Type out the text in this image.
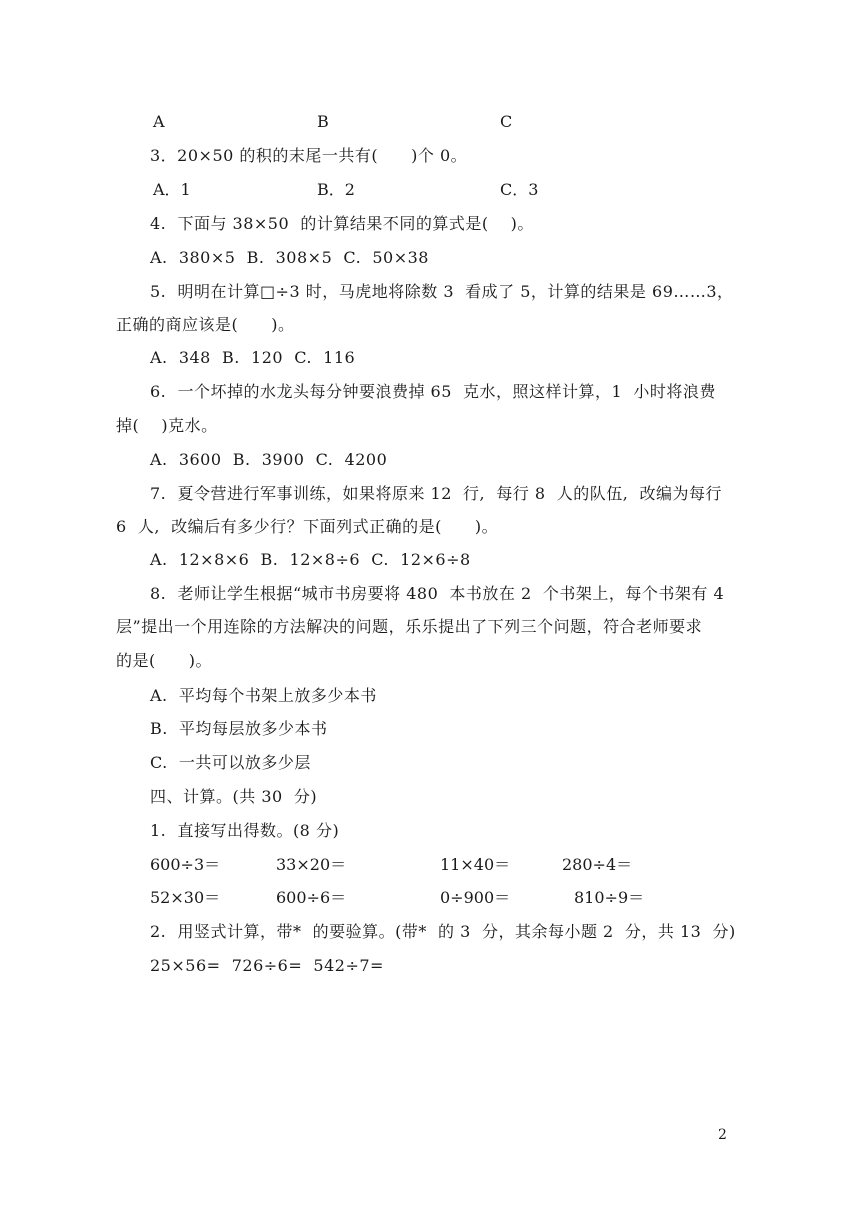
A	B	C
3．20×50 的积的末尾一共有(　　)个 0。
A．1	B．2	C．3
4.  下面与 38×50  的计算结果不同的算式是(　 )。
A.  380×5  B.  308×5  C.  50×38
5.  明明在计算□÷3 时，马虎地将除数 3  看成了 5，计算的结果是 69……3，
正确的商应该是(　　)。
A.  348  B.  120  C.  116
6.  一个坏掉的水龙头每分钟要浪费掉 65  克水，照这样计算，1  小时将浪费
掉(　 )克水。
A.  3600  B.  3900  C.  4200
7.  夏令营进行军事训练，如果将原来 12  行,  每行 8  人的队伍,  改编为每行
6  人,  改编后有多少行？下面列式正确的是(　　)。
A.  12×8×6  B.  12×8÷6  C.  12×6÷8
8.  老师让学生根据“城市书房要将 480  本书放在 2  个书架上，每个书架有 4
层”提出一个用连除的方法解决的问题，乐乐提出了下列三个问题，符合老师要求
的是(　　)。
A.  平均每个书架上放多少本书
B.  平均每层放多少本书
C.  一共可以放多少层
四、计算。(共 30  分)
1.  直接写出得数。(8 分)
600÷3＝	33×20＝	11×40＝	280÷4＝
52×30＝	600÷6＝	0÷900＝	810÷9＝
2.  用竖式计算，带*  的要验算。(带*  的 3  分，其余每小题 2  分，共 13  分)
25×56=  726÷6=  542÷7=
2
